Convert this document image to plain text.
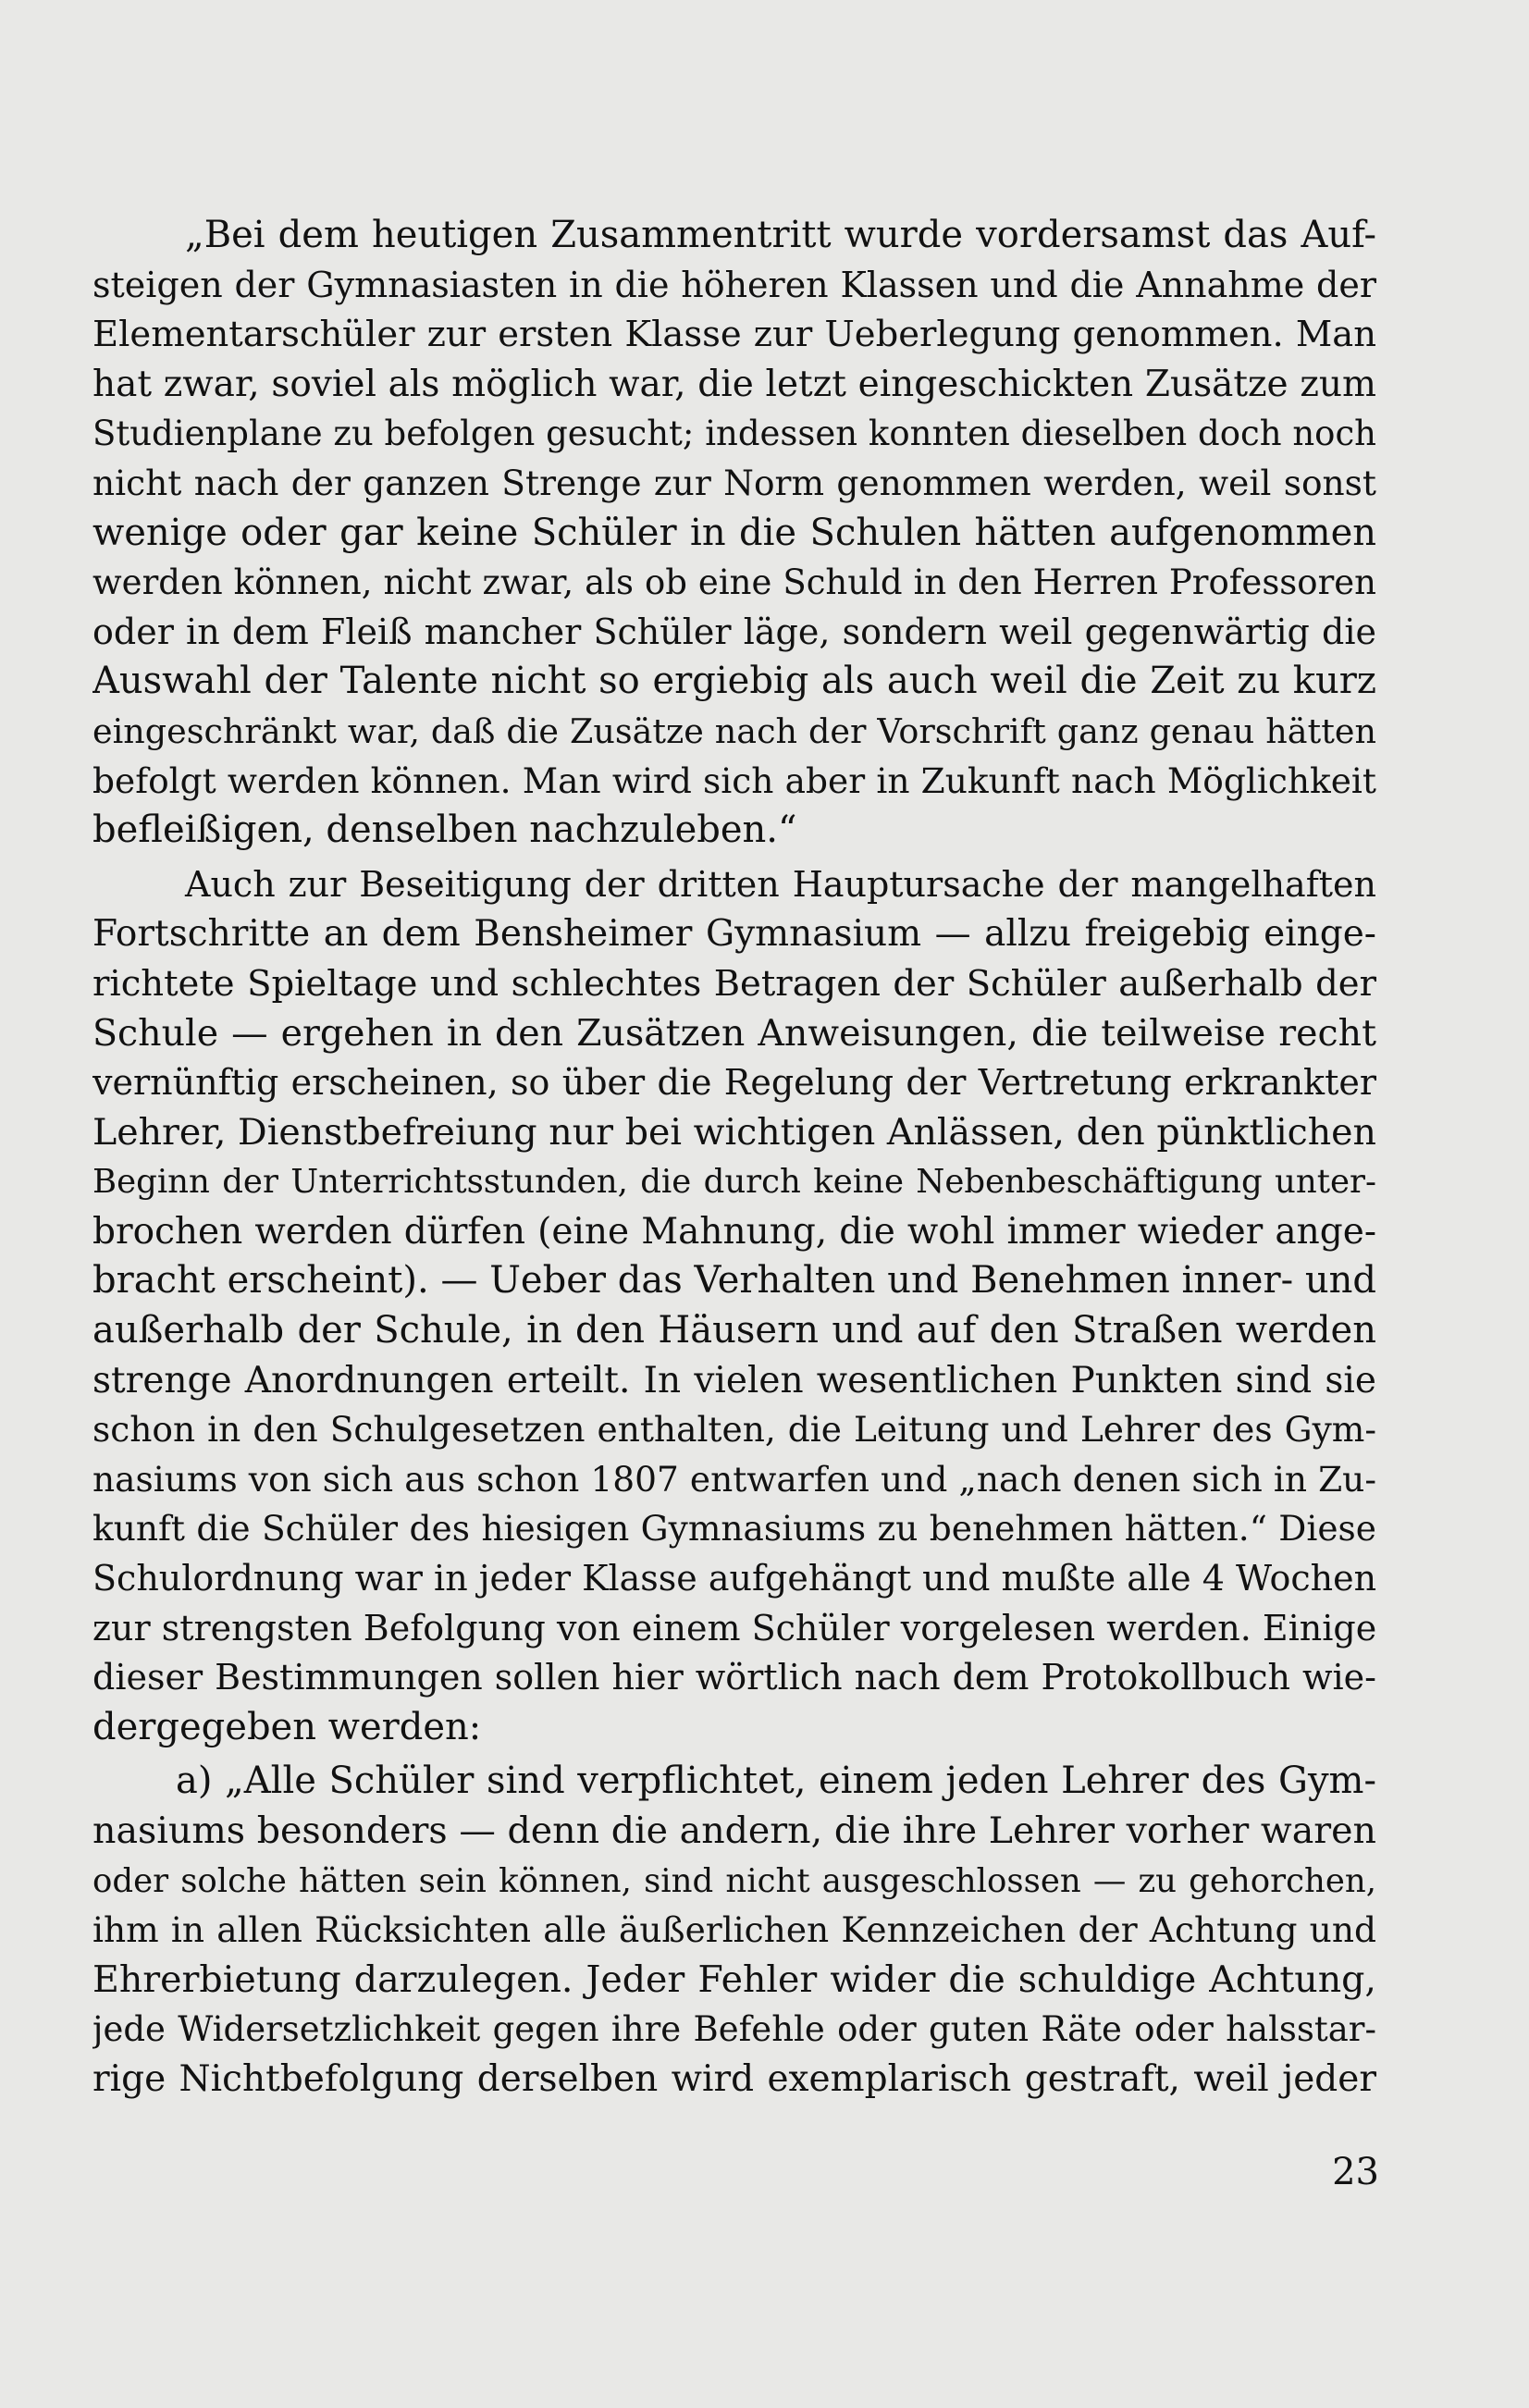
„Bei dem heutigen Zusammentritt wurde vordersamst das Auf-
steigen der Gymnasiasten in die höheren Klassen und die Annahme der
Elementarschüler zur ersten Klasse zur Ueberlegung genommen. Man
hat zwar, soviel als möglich war, die letzt eingeschickten Zusätze zum
Studienplane zu befolgen gesucht; indessen konnten dieselben doch noch
nicht nach der ganzen Strenge zur Norm genommen werden, weil sonst
wenige oder gar keine Schüler in die Schulen hätten aufgenommen
werden können, nicht zwar, als ob eine Schuld in den Herren Professoren
oder in dem Fleiß mancher Schüler läge, sondern weil gegenwärtig die
Auswahl der Talente nicht so ergiebig als auch weil die Zeit zu kurz
eingeschränkt war, daß die Zusätze nach der Vorschrift ganz genau hätten
befolgt werden können. Man wird sich aber in Zukunft nach Möglichkeit
befleißigen, denselben nachzuleben.“
Auch zur Beseitigung der dritten Hauptursache der mangelhaften
Fortschritte an dem Bensheimer Gymnasium — allzu freigebig einge-
richtete Spieltage und schlechtes Betragen der Schüler außerhalb der
Schule — ergehen in den Zusätzen Anweisungen, die teilweise recht
vernünftig erscheinen, so über die Regelung der Vertretung erkrankter
Lehrer, Dienstbefreiung nur bei wichtigen Anlässen, den pünktlichen
Beginn der Unterrichtsstunden, die durch keine Nebenbeschäftigung unter-
brochen werden dürfen (eine Mahnung, die wohl immer wieder ange-
bracht erscheint). — Ueber das Verhalten und Benehmen inner- und
außerhalb der Schule, in den Häusern und auf den Straßen werden
strenge Anordnungen erteilt. In vielen wesentlichen Punkten sind sie
schon in den Schulgesetzen enthalten, die Leitung und Lehrer des Gym-
nasiums von sich aus schon 1807 entwarfen und „nach denen sich in Zu-
kunft die Schüler des hiesigen Gymnasiums zu benehmen hätten.“ Diese
Schulordnung war in jeder Klasse aufgehängt und mußte alle 4 Wochen
zur strengsten Befolgung von einem Schüler vorgelesen werden. Einige
dieser Bestimmungen sollen hier wörtlich nach dem Protokollbuch wie-
dergegeben werden:
a) „Alle Schüler sind verpflichtet, einem jeden Lehrer des Gym-
nasiums besonders — denn die andern, die ihre Lehrer vorher waren
oder solche hätten sein können, sind nicht ausgeschlossen — zu gehorchen,
ihm in allen Rücksichten alle äußerlichen Kennzeichen der Achtung und
Ehrerbietung darzulegen. Jeder Fehler wider die schuldige Achtung,
jede Widersetzlichkeit gegen ihre Befehle oder guten Räte oder halsstar-
rige Nichtbefolgung derselben wird exemplarisch gestraft, weil jeder
23
